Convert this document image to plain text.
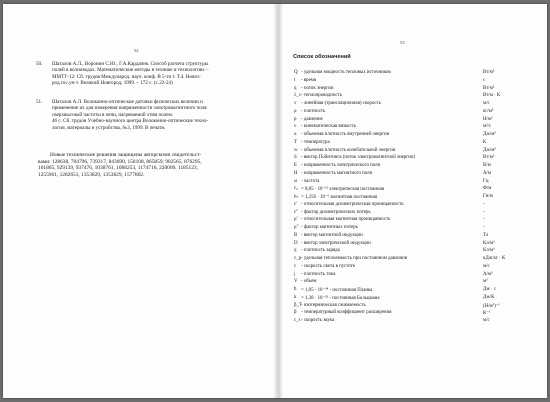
52
50. Шаталов А.Л., Воронин С.Ю., Г.А.Кардапев. Способ расчета структуры
полей в волноводах. Математические методы в технике и технологиях –
ММТТ-12: Сб. трудов Междунаpод. науч. конф. В 5-ти т. Т.4. Новго-
род.гос.ун-т. Великий Новгород, 1999. – 172 с. (с.22-24)
51. Шаталов А.Л. Волоконно-оптические датчики физических величин и
применение их для измерения напряженности электромагнитного поля
сверхвысокой частоты в печи, нагреваемой этим полем.
46 с. Сб. трудов Учебно-научного центра Волоконно-оптические техно-
логии, материалы и устройства, №3, 1999. В печати.
Новые технические решения защищены авторскими свидетельст-
вами: 128638, 704796, 739317, 843690, 158108, 865859, 902565, 876295,
161865, 929139, 937476, 1038761, 1088253, 1174716, 220000, 1185123,
1255961, 1282653, 1353829, 1353829, 1577802.
53
Список обозначений
Q - удельная мощность тепловых источников	Вт/м³
t - время	с
q - поток энергии	Вт/м²
λ_c - теплопроводность	Вт/м · К
v - линейная (трансляционная) скорость	м/с
ρ - плотность	кг/м³
p - давление	Н/м²
ν - кинематическая вязкость	м²/с
u - объемная плотность внутренней энергии	Дж/м³
T - температура	К
w - объемная плотность колебательной энергии	Дж/м³
S - вектор Пойнтинга (поток электромагнитной энергии)	Вт/м²
E - напряженность электрического поля	В/м
H - напряженность магнитного поля	А/м
ω - частота	Гц
ε₀ = 8,85 · 10⁻¹² электрическая постоянная	Ф/м
μ₀ = 1,256 · 10⁻⁶ магнитная постоянная	Гн/м
ε' - относительная диэлектрическая проницаемость	-
ε″ - фактор диэлектрических потерь	-
μ' - относительная магнитная проницаемость	-
μ″ - фактор магнитных потерь	-
B - вектор магнитной индукции	Тл
D - вектор электрической индукции	Кл/м²
q - плотность заряда	Кл/м³
c_p - удельная теплоемкость при постоянном давлении	кДж/кг · К
c - скорость света в пустоте	м/с
j - плотность тока	А/м²
V - объем	м³
ħ = 1,05 · 10⁻³⁴ - постоянная Планка	Дж · с
k = 1,38 · 10⁻²³ - постоянная Больцмана	Дж/К
β_T - изотермическая сжимаемость	(Н/м²)⁻¹
β - температурный коэффициент расширения	К⁻¹
c_s - скорость звука	м/с
